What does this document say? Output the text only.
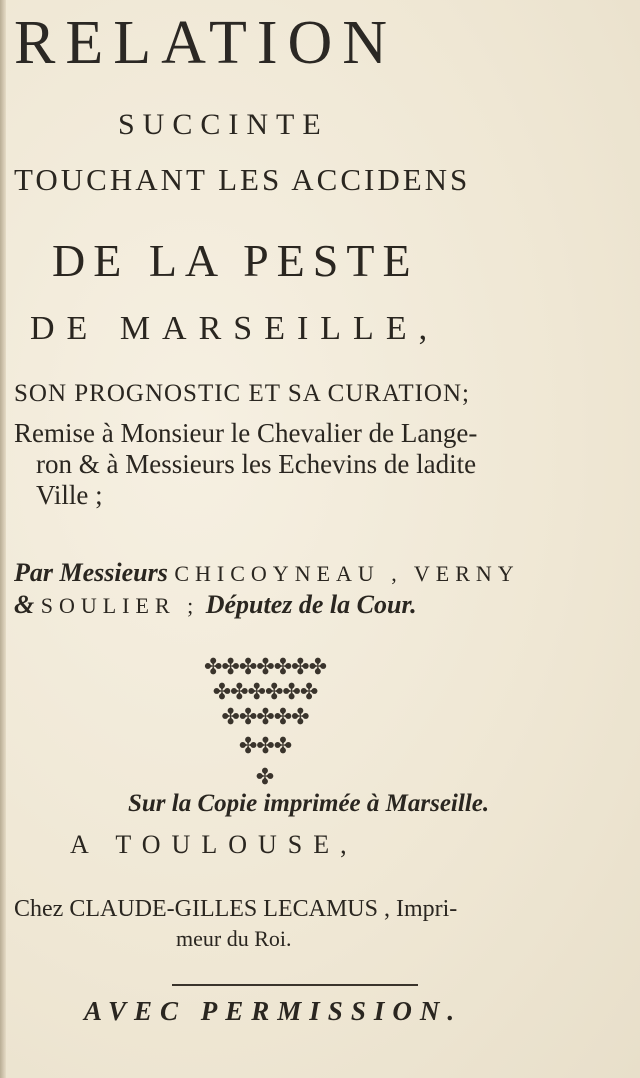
RELATION
SUCCINTE
TOUCHANT LES ACCIDENS
DE LA PESTE
DE MARSEILLE,
SON PROGNOSTIC ET SA CURATION;
Remise à Monsieur le Chevalier de Lange-
ron & à Messieurs les Echevins de ladite
Ville ;
Par Messieurs CHICOYNEAU , VERNY
& SOULIER ; Députez de la Cour.
✤✤✤✤✤✤✤
✤✤✤✤✤✤
✤✤✤✤✤
✤✤✤
✤
Sur la Copie imprimée à Marseille.
A TOULOUSE,
Chez CLAUDE-GILLES LECAMUS , Impri-
meur du Roi.
AVEC PERMISSION.
